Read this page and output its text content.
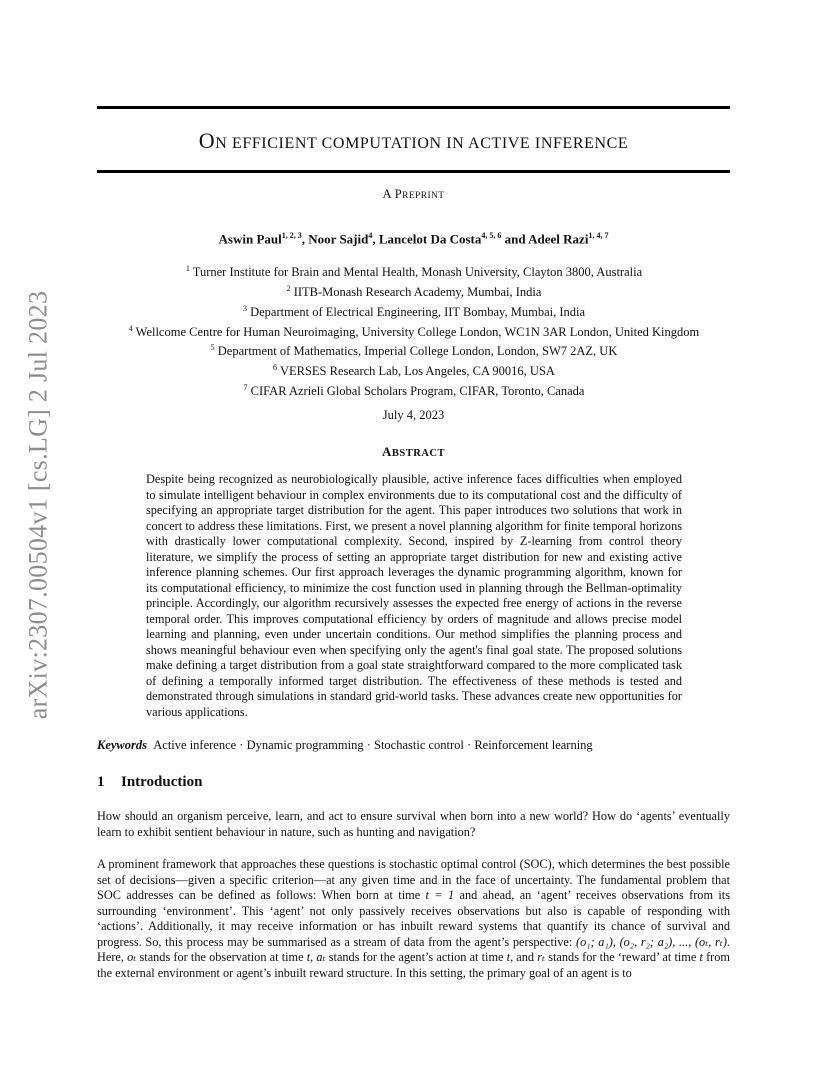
arXiv:2307.00504v1 [cs.LG] 2 Jul 2023
ON EFFICIENT COMPUTATION IN ACTIVE INFERENCE
A PREPRINT
Aswin Paul$^{1, 2, 3}$, Noor Sajid$^4$, Lancelot Da Costa$^{4, 5, 6}$ and Adeel Razi$^{1, 4, 7}$
$^1$ Turner Institute for Brain and Mental Health, Monash University, Clayton 3800, Australia
$^2$ IITB-Monash Research Academy, Mumbai, India
$^3$ Department of Electrical Engineering, IIT Bombay, Mumbai, India
$^4$ Wellcome Centre for Human Neuroimaging, University College London, WC1N 3AR London, United Kingdom
$^5$ Department of Mathematics, Imperial College London, London, SW7 2AZ, UK
$^6$ VERSES Research Lab, Los Angeles, CA 90016, USA
$^7$ CIFAR Azrieli Global Scholars Program, CIFAR, Toronto, Canada
July 4, 2023
ABSTRACT
Despite being recognized as neurobiologically plausible, active inference faces difficulties when employed to simulate intelligent behaviour in complex environments due to its computational cost and the difficulty of specifying an appropriate target distribution for the agent. This paper introduces two solutions that work in concert to address these limitations. First, we present a novel planning algorithm for finite temporal horizons with drastically lower computational complexity. Second, inspired by Z-learning from control theory literature, we simplify the process of setting an appropriate target distribution for new and existing active inference planning schemes. Our first approach leverages the dynamic programming algorithm, known for its computational efficiency, to minimize the cost function used in planning through the Bellman-optimality principle. Accordingly, our algorithm recursively assesses the expected free energy of actions in the reverse temporal order. This improves computational efficiency by orders of magnitude and allows precise model learning and planning, even under uncertain conditions. Our method simplifies the planning process and shows meaningful behaviour even when specifying only the agent's final goal state. The proposed solutions make defining a target distribution from a goal state straightforward compared to the more complicated task of defining a temporally informed target distribution. The effectiveness of these methods is tested and demonstrated through simulations in standard grid-world tasks. These advances create new opportunities for various applications.
Keywords Active inference · Dynamic programming · Stochastic control · Reinforcement learning
1 Introduction
How should an organism perceive, learn, and act to ensure survival when born into a new world? How do ‘agents’ eventually learn to exhibit sentient behaviour in nature, such as hunting and navigation?
A prominent framework that approaches these questions is stochastic optimal control (SOC), which determines the best possible set of decisions—given a specific criterion—at any given time and in the face of uncertainty. The fundamental problem that SOC addresses can be defined as follows: When born at time t = 1 and ahead, an ‘agent’ receives observations from its surrounding ‘environment’. This ‘agent’ not only passively receives observations but also is capable of responding with ‘actions’. Additionally, it may receive information or has inbuilt reward systems that quantify its chance of survival and progress. So, this process may be summarised as a stream of data from the agent’s perspective: (o₁; a₁), (o₂, r₂; a₂), ..., (oₜ, rₜ). Here, oₜ stands for the observation at time t, aₜ stands for the agent’s action at time t, and rₜ stands for the ‘reward’ at time t from the external environment or agent’s inbuilt reward structure. In this setting, the primary goal of an agent is to
